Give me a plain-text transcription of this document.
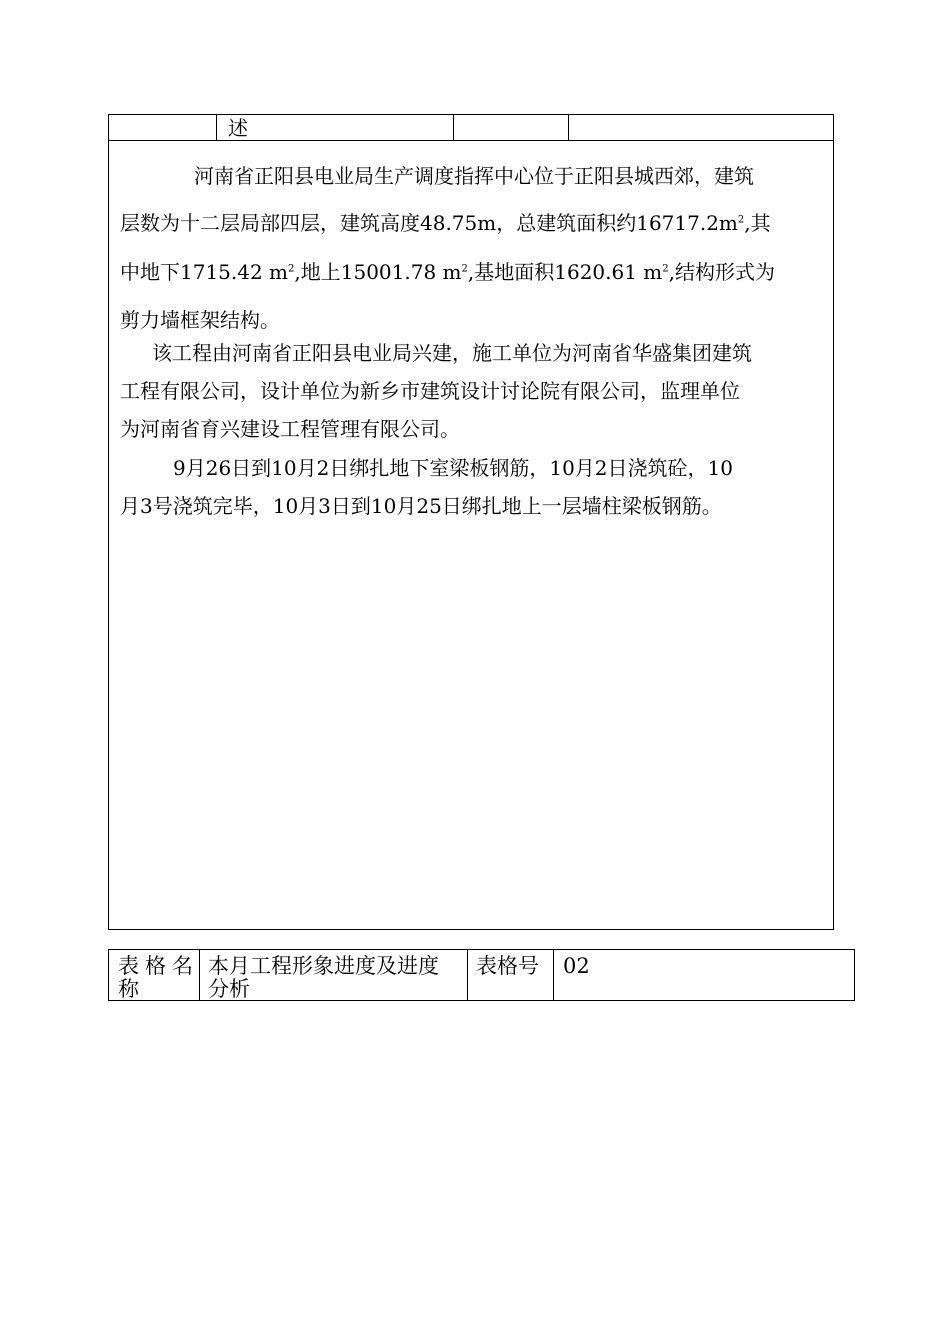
述
河南省正阳县电业局生产调度指挥中心位于正阳县城西郊，建筑
层数为十二层局部四层，建筑高度48.75m，总建筑面积约$16717.2m^2$,其
中地下1715.42 $m^2$,地上15001.78 $m^2$,基地面积1620.61 $m^2$,结构形式为
剪力墙框架结构。
该工程由河南省正阳县电业局兴建，施工单位为河南省华盛集团建筑
工程有限公司，设计单位为新乡市建筑设计讨论院有限公司，监理单位
为河南省育兴建设工程管理有限公司。
9月26日到10月2日绑扎地下室梁板钢筋，10月2日浇筑砼，10
月3号浇筑完毕，10月3日到10月25日绑扎地上一层墙柱梁板钢筋。
表格名
称
本月工程形象进度及进度
分析
表格号 02
